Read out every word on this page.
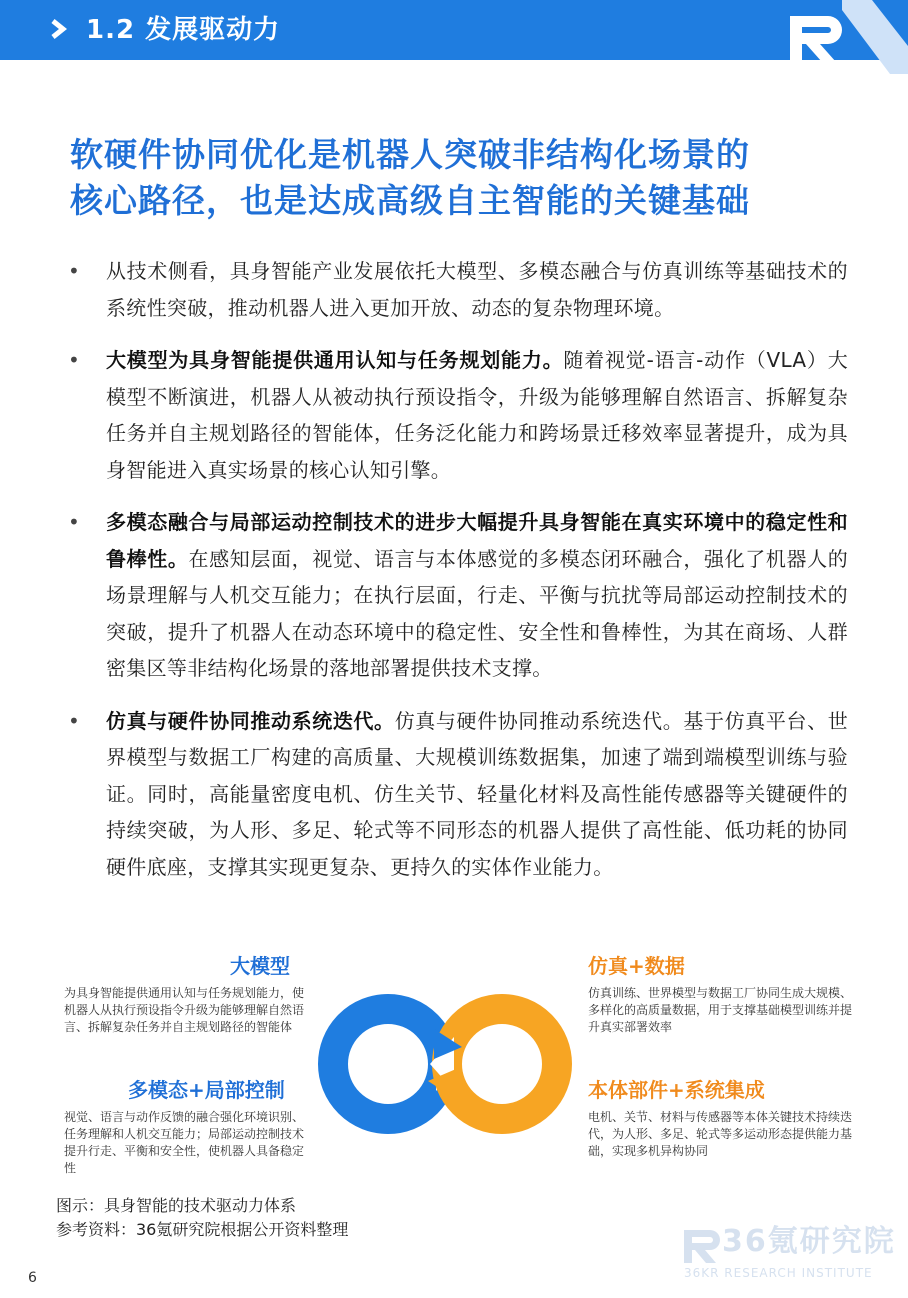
1.2 发展驱动力
软硬件协同优化是机器人突破非结构化场景的
核心路径，也是达成高级自主智能的关键基础
• 从技术侧看，具身智能产业发展依托大模型、多模态融合与仿真训练等基础技术的系统性突破，推动机器人进入更加开放、动态的复杂物理环境。
• 大模型为具身智能提供通用认知与任务规划能力。随着视觉-语言-动作（VLA）大模型不断演进，机器人从被动执行预设指令，升级为能够理解自然语言、拆解复杂任务并自主规划路径的智能体，任务泛化能力和跨场景迁移效率显著提升，成为具身智能进入真实场景的核心认知引擎。
• 多模态融合与局部运动控制技术的进步大幅提升具身智能在真实环境中的稳定性和鲁棒性。在感知层面，视觉、语言与本体感觉的多模态闭环融合，强化了机器人的场景理解与人机交互能力；在执行层面，行走、平衡与抗扰等局部运动控制技术的突破，提升了机器人在动态环境中的稳定性、安全性和鲁棒性，为其在商场、人群密集区等非结构化场景的落地部署提供技术支撑。
• 仿真与硬件协同推动系统迭代。仿真与硬件协同推动系统迭代。基于仿真平台、世界模型与数据工厂构建的高质量、大规模训练数据集，加速了端到端模型训练与验证。同时，高能量密度电机、仿生关节、轻量化材料及高性能传感器等关键硬件的持续突破，为人形、多足、轮式等不同形态的机器人提供了高性能、低功耗的协同硬件底座，支撑其实现更复杂、更持久的实体作业能力。
大模型
为具身智能提供通用认知与任务规划能力，使机器人从执行预设指令升级为能够理解自然语言、拆解复杂任务并自主规划路径的智能体
多模态+局部控制
视觉、语言与动作反馈的融合强化环境识别、任务理解和人机交互能力；局部运动控制技术提升行走、平衡和安全性，使机器人具备稳定性
仿真+数据
仿真训练、世界模型与数据工厂协同生成大规模、多样化的高质量数据，用于支撑基础模型训练并提升真实部署效率
本体部件+系统集成
电机、关节、材料与传感器等本体关键技术持续迭代，为人形、多足、轮式等多运动形态提供能力基础，实现多机异构协同
图示：具身智能的技术驱动力体系
参考资料：36氪研究院根据公开资料整理
6
36氪研究院
36KR RESEARCH INSTITUTE
